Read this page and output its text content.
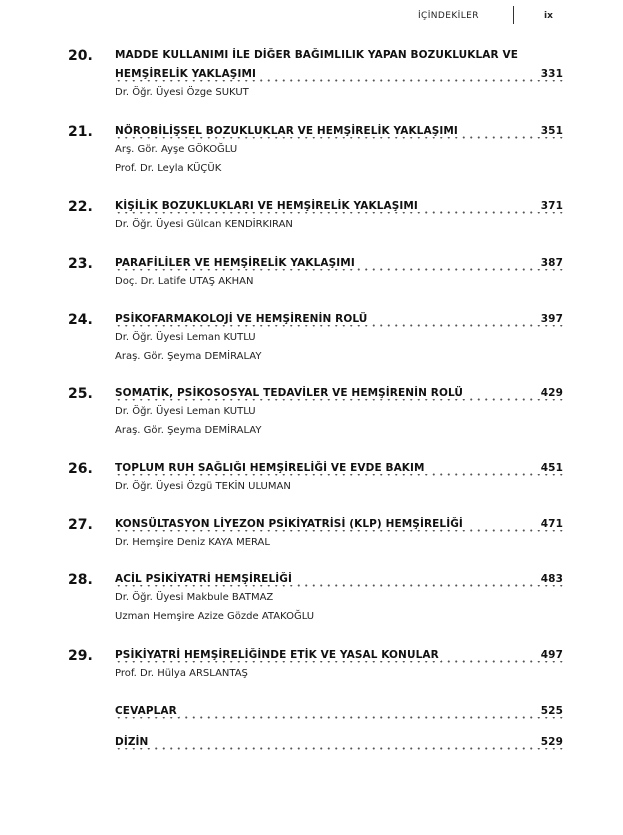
İÇİNDEKİLER	ix
20. MADDE KULLANIMI İLE DİĞER BAĞIMLILIK YAPAN BOZUKLUKLAR VE
HEMŞİRELİK YAKLAŞIMI	331
Dr. Öğr. Üyesi Özge SUKUT
21. NÖROBİLİŞSEL BOZUKLUKLAR VE HEMŞİRELİK YAKLAŞIMI	351
Arş. Gör. Ayşe GÖKOĞLU
Prof. Dr. Leyla KÜÇÜK
22. KİŞİLİK BOZUKLUKLARI VE HEMŞİRELİK YAKLAŞIMI	371
Dr. Öğr. Üyesi Gülcan KENDİRKIRAN
23. PARAFİLİLER VE HEMŞİRELİK YAKLAŞIMI	387
Doç. Dr. Latife UTAŞ AKHAN
24. PSİKOFARMAKOLOJİ VE HEMŞİRENİN ROLÜ	397
Dr. Öğr. Üyesi Leman KUTLU
Araş. Gör. Şeyma DEMİRALAY
25. SOMATİK, PSİKOSOSYAL TEDAVİLER VE HEMŞİRENİN ROLÜ	429
Dr. Öğr. Üyesi Leman KUTLU
Araş. Gör. Şeyma DEMİRALAY
26. TOPLUM RUH SAĞLIĞI HEMŞİRELİĞİ VE EVDE BAKIM	451
Dr. Öğr. Üyesi Özgü TEKİN ULUMAN
27. KONSÜLTASYON LİYEZON PSİKİYATRİSİ (KLP) HEMŞİRELİĞİ	471
Dr. Hemşire Deniz KAYA MERAL
28. ACİL PSİKİYATRİ HEMŞİRELİĞİ	483
Dr. Öğr. Üyesi Makbule BATMAZ
Uzman Hemşire Azize Gözde ATAKOĞLU
29. PSİKİYATRİ HEMŞİRELİĞİNDE ETİK VE YASAL KONULAR	497
Prof. Dr. Hülya ARSLANTAŞ
CEVAPLAR	525
DİZİN	529
